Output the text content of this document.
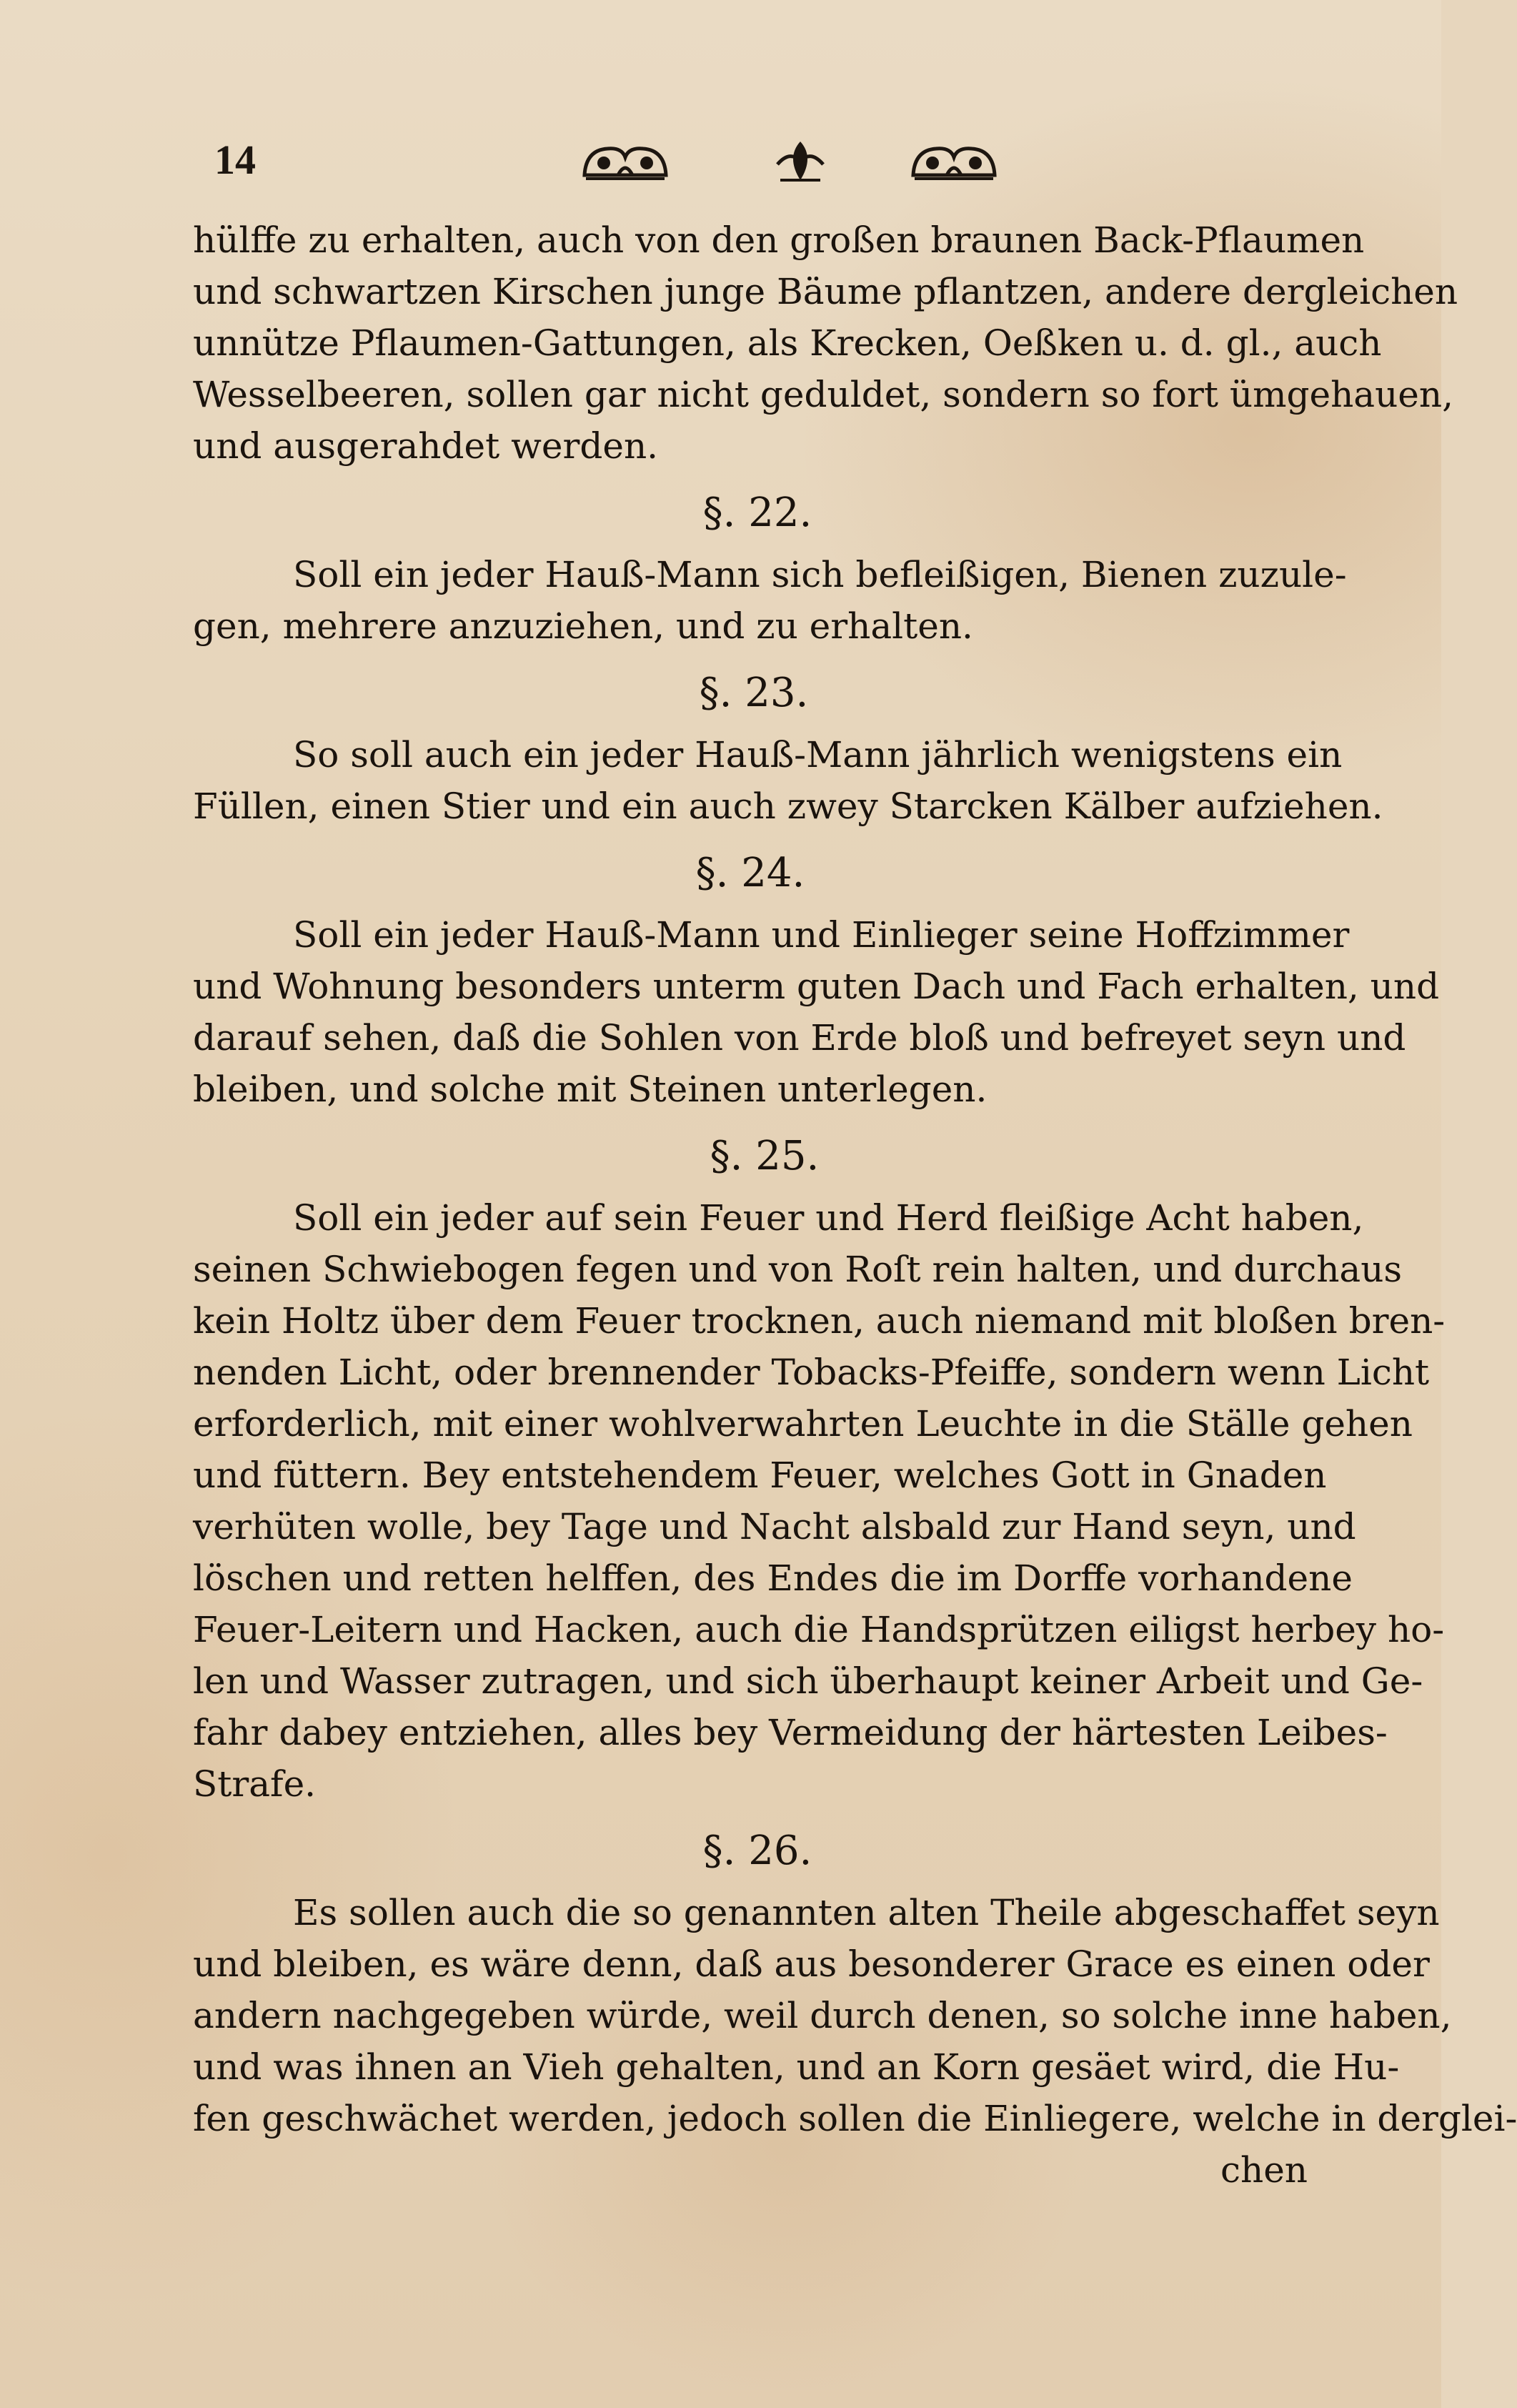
14
hülffe zu erhalten, auch von den großen braunen Back-Pflaumen
und schwartzen Kirschen junge Bäume pflantzen, andere dergleichen
unnütze Pflaumen-Gattungen, als Krecken, Oeßken u. d. gl., auch
Wesselbeeren, sollen gar nicht geduldet, sondern so fort ümgehauen,
und ausgerahdet werden.
§. 22.
Soll ein jeder Hauß-Mann sich befleißigen, Bienen zuzule-
gen, mehrere anzuziehen, und zu erhalten.
§. 23.
So soll auch ein jeder Hauß-Mann jährlich wenigstens ein
Füllen, einen Stier und ein auch zwey Starcken Kälber aufziehen.
§. 24.
Soll ein jeder Hauß-Mann und Einlieger seine Hoffzimmer
und Wohnung besonders unterm guten Dach und Fach erhalten, und
darauf sehen, daß die Sohlen von Erde bloß und befreyet seyn und
bleiben, und solche mit Steinen unterlegen.
§. 25.
Soll ein jeder auf sein Feuer und Herd fleißige Acht haben,
seinen Schwiebogen fegen und von Roſt rein halten, und durchaus
kein Holtz über dem Feuer trocknen, auch niemand mit bloßen bren-
nenden Licht, oder brennender Tobacks-Pfeiffe, sondern wenn Licht
erforderlich, mit einer wohlverwahrten Leuchte in die Ställe gehen
und füttern. Bey entstehendem Feuer, welches Gott in Gnaden
verhüten wolle, bey Tage und Nacht alsbald zur Hand seyn, und
löschen und retten helffen, des Endes die im Dorffe vorhandene
Feuer-Leitern und Hacken, auch die Handsprützen eiligst herbey ho-
len und Wasser zutragen, und sich überhaupt keiner Arbeit und Ge-
fahr dabey entziehen, alles bey Vermeidung der härtesten Leibes-
Strafe.
§. 26.
Es sollen auch die so genannten alten Theile abgeschaffet seyn
und bleiben, es wäre denn, daß aus besonderer Grace es einen oder
andern nachgegeben würde, weil durch denen, so solche inne haben,
und was ihnen an Vieh gehalten, und an Korn gesäet wird, die Hu-
fen geschwächet werden, jedoch sollen die Einliegere, welche in derglei-
chen
